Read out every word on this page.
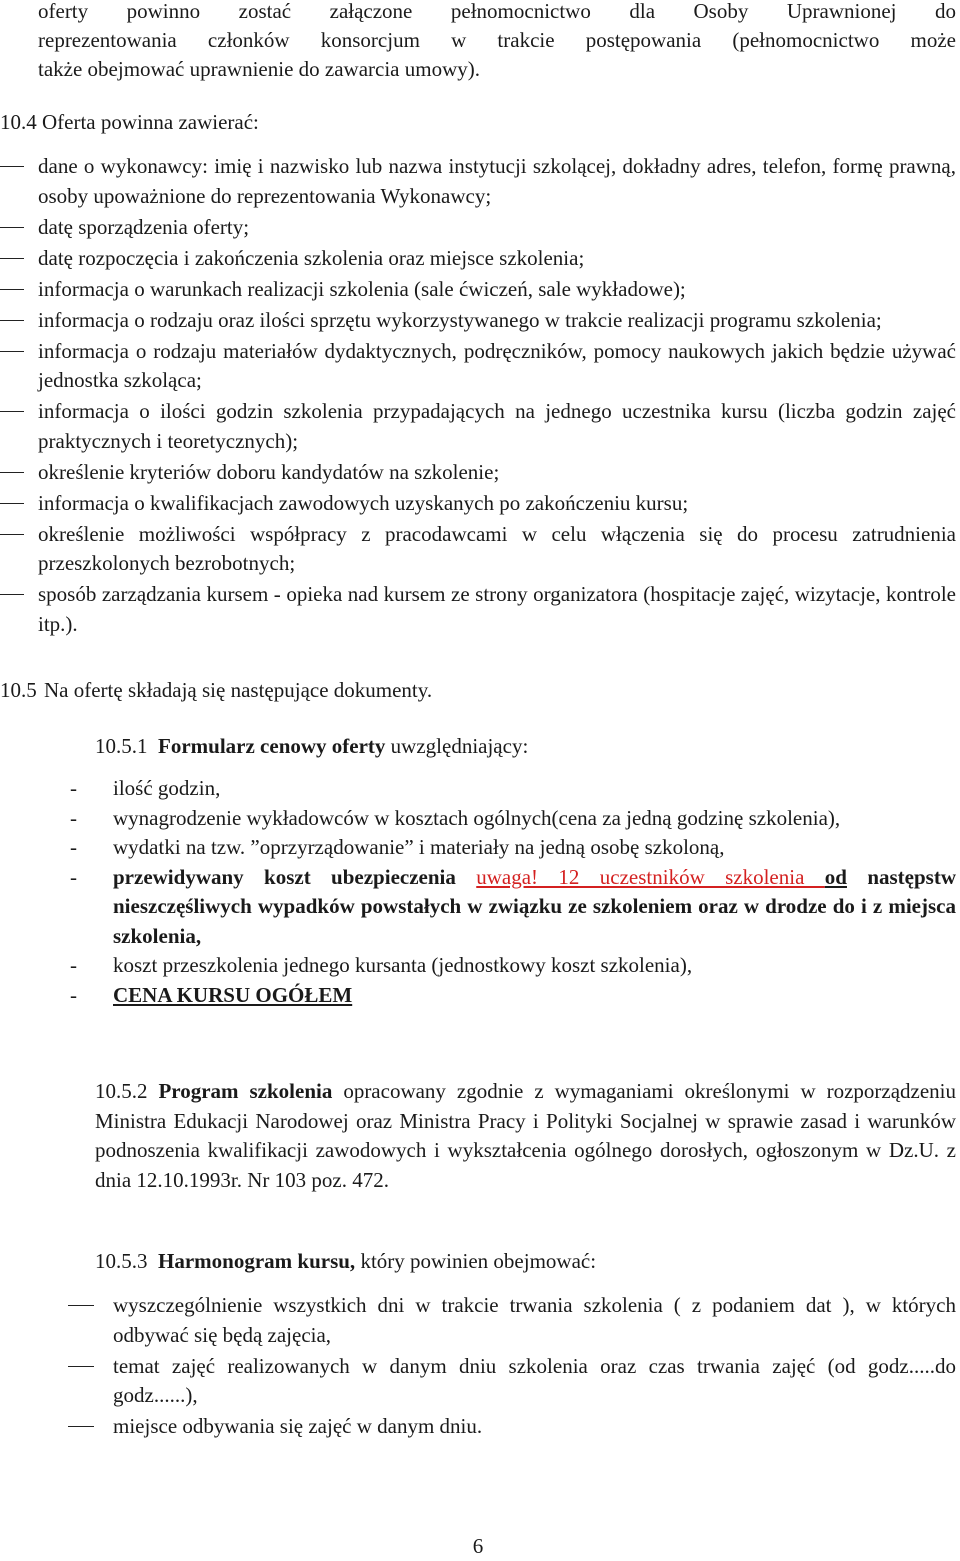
oferty powinno zostać załączone pełnomocnictwo dla Osoby Uprawnionej do
reprezentowania członków konsorcjum w trakcie postępowania (pełnomocnictwo może
także obejmować uprawnienie do zawarcia umowy).
10.4 Oferta powinna zawierać:
dane o wykonawcy: imię i nazwisko lub nazwa instytucji szkolącej, dokładny adres, telefon, formę prawną, osoby upoważnione do reprezentowania Wykonawcy;
datę sporządzenia oferty;
datę rozpoczęcia i zakończenia szkolenia oraz miejsce szkolenia;
informacja o warunkach realizacji szkolenia (sale ćwiczeń, sale wykładowe);
informacja o rodzaju oraz ilości sprzętu wykorzystywanego w trakcie realizacji programu szkolenia;
informacja o rodzaju materiałów dydaktycznych, podręczników, pomocy naukowych jakich będzie używać jednostka szkoląca;
informacja o ilości godzin szkolenia przypadających na jednego uczestnika kursu (liczba godzin zajęć praktycznych i teoretycznych);
określenie kryteriów doboru kandydatów na szkolenie;
informacja o kwalifikacjach zawodowych uzyskanych po zakończeniu kursu;
określenie możliwości współpracy z pracodawcami w celu włączenia się do procesu zatrudnienia przeszkolonych bezrobotnych;
sposób zarządzania kursem - opieka nad kursem ze strony organizatora (hospitacje zajęć, wizytacje, kontrole itp.).
10.5 Na ofertę składają się następujące dokumenty.
10.5.1 Formularz cenowy oferty uwzględniający:
- ilość godzin,
- wynagrodzenie wykładowców w kosztach ogólnych(cena za jedną godzinę szkolenia),
- wydatki na tzw. ”oprzyrządowanie” i materiały na jedną osobę szkoloną,
- przewidywany koszt ubezpieczenia uwaga! 12 uczestników szkolenia od następstw nieszczęśliwych wypadków powstałych w związku ze szkoleniem oraz w drodze do i z miejsca szkolenia,
- koszt przeszkolenia jednego kursanta (jednostkowy koszt szkolenia),
- CENA KURSU OGÓŁEM
10.5.2 Program szkolenia opracowany zgodnie z wymaganiami określonymi w rozporządzeniu Ministra Edukacji Narodowej oraz Ministra Pracy i Polityki Socjalnej w sprawie zasad i warunków podnoszenia kwalifikacji zawodowych i wykształcenia ogólnego dorosłych, ogłoszonym w Dz.U. z dnia 12.10.1993r. Nr 103 poz. 472.
10.5.3 Harmonogram kursu, który powinien obejmować:
wyszczególnienie wszystkich dni w trakcie trwania szkolenia ( z podaniem dat ), w których odbywać się będą zajęcia,
temat zajęć realizowanych w danym dniu szkolenia oraz czas trwania zajęć (od godz.....do godz......),
miejsce odbywania się zajęć w danym dniu.
6
